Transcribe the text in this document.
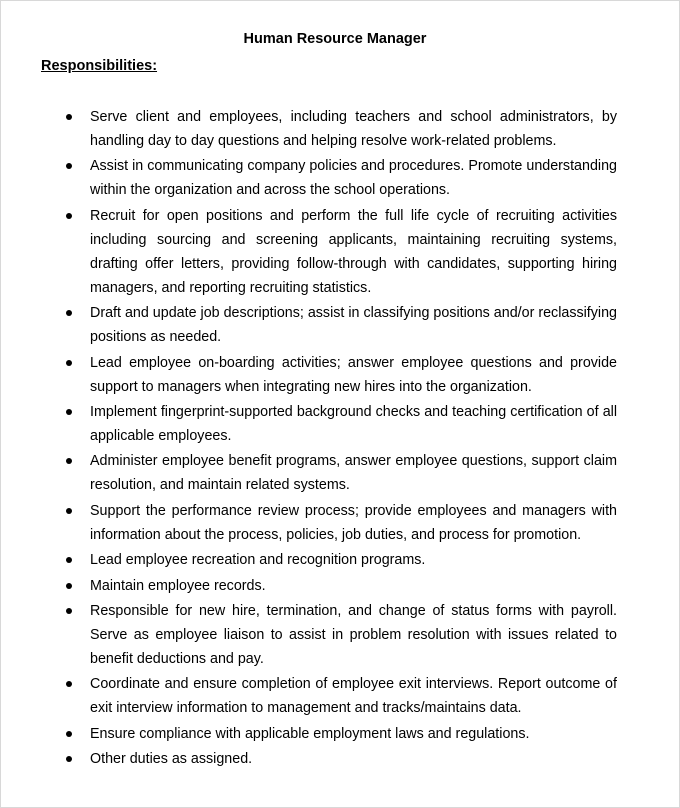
Human Resource Manager
Responsibilities:
Serve client and employees, including teachers and school administrators, by handling day to day questions and helping resolve work-related problems.
Assist in communicating company policies and procedures. Promote understanding within the organization and across the school operations.
Recruit for open positions and perform the full life cycle of recruiting activities including sourcing and screening applicants, maintaining recruiting systems, drafting offer letters, providing follow-through with candidates, supporting hiring managers, and reporting recruiting statistics.
Draft and update job descriptions; assist in classifying positions and/or reclassifying positions as needed.
Lead employee on-boarding activities; answer employee questions and provide support to managers when integrating new hires into the organization.
Implement fingerprint-supported background checks and teaching certification of all applicable employees.
Administer employee benefit programs, answer employee questions, support claim resolution, and maintain related systems.
Support the performance review process; provide employees and managers with information about the process, policies, job duties, and process for promotion.
Lead employee recreation and recognition programs.
Maintain employee records.
Responsible for new hire, termination, and change of status forms with payroll. Serve as employee liaison to assist in problem resolution with issues related to benefit deductions and pay.
Coordinate and ensure completion of employee exit interviews. Report outcome of exit interview information to management and tracks/maintains data.
Ensure compliance with applicable employment laws and regulations.
Other duties as assigned.
